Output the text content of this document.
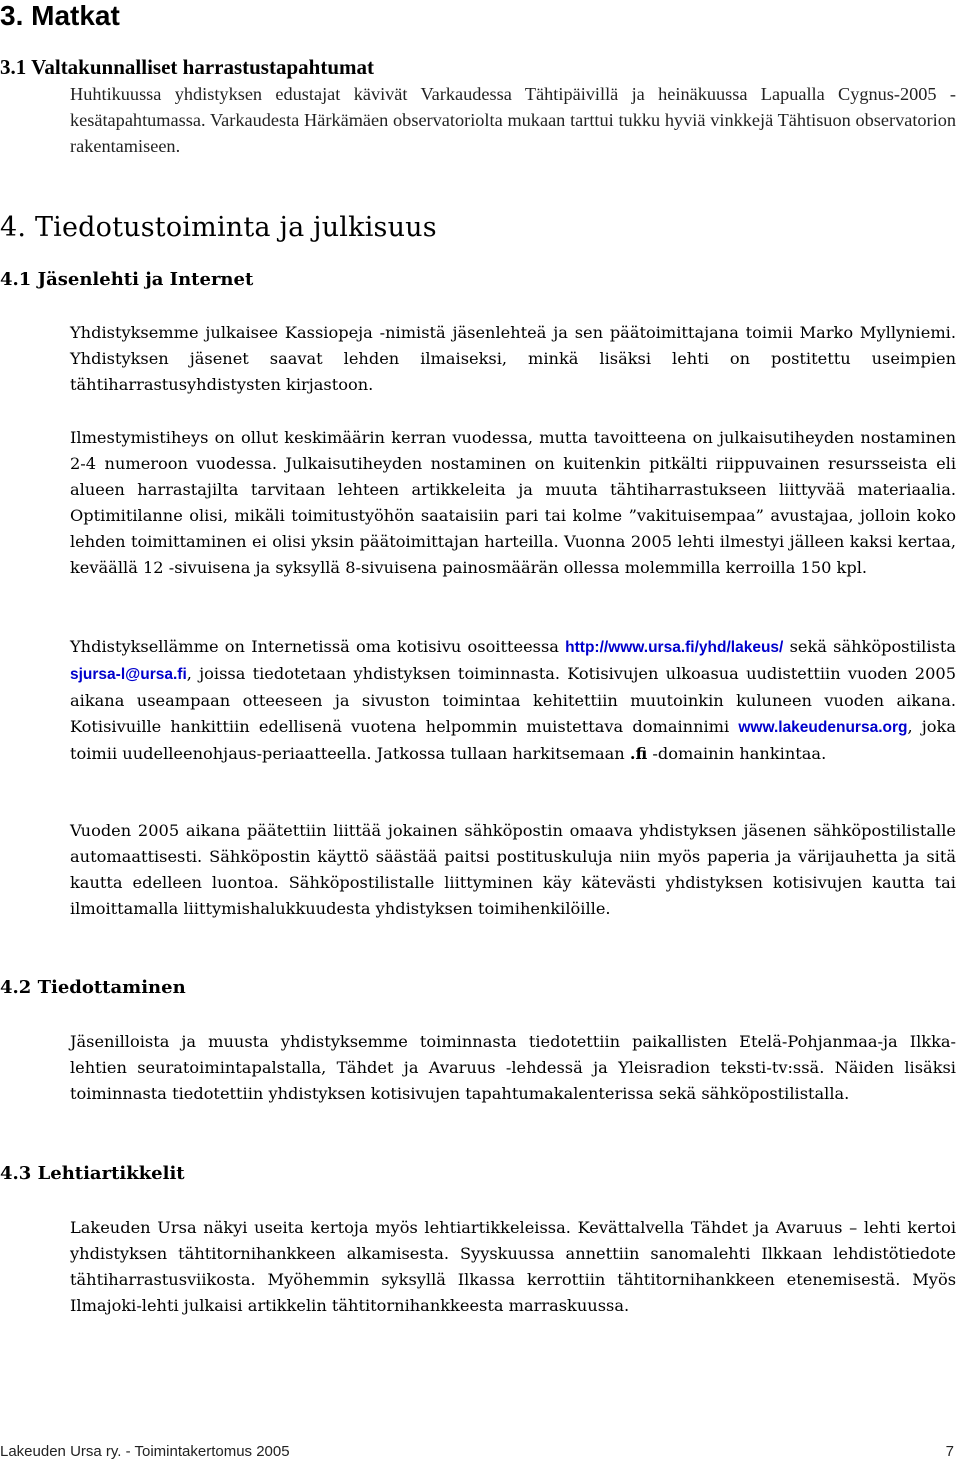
3. Matkat
3.1 Valtakunnalliset harrastustapahtumat

Huhtikuussa yhdistyksen edustajat kävivät Varkaudessa Tähtipäivillä ja heinäkuussa Lapualla Cygnus-2005 -kesätapahtumassa. Varkaudesta Härkämäen observatoriolta mukaan tarttui tukku hyviä vinkkejä Tähtisuon observatorion rakentamiseen.

4. Tiedotustoiminta ja julkisuus
4.1 Jäsenlehti ja Internet

Yhdistyksemme julkaisee Kassiopeja -nimistä jäsenlehteä ja sen päätoimittajana toimii Marko Myllyniemi. Yhdistyksen jäsenet saavat lehden ilmaiseksi, minkä lisäksi lehti on postitettu useimpien tähtiharrastusyhdistysten kirjastoon.

Ilmestymistiheys on ollut keskimäärin kerran vuodessa, mutta tavoitteena on julkaisutiheyden nostaminen 2-4 numeroon vuodessa. Julkaisutiheyden nostaminen on kuitenkin pitkälti riippuvainen resursseista eli alueen harrastajilta tarvitaan lehteen artikkeleita ja muuta tähtiharrastukseen liittyvää materiaalia. Optimitilanne olisi, mikäli toimitustyöhön saataisiin pari tai kolme ”vakituisempaa” avustajaa, jolloin koko lehden toimittaminen ei olisi yksin päätoimittajan harteilla. Vuonna 2005 lehti ilmestyi jälleen kaksi kertaa, keväällä 12 -sivuisena ja syksyllä 8-sivuisena painosmäärän ollessa molemmilla kerroilla 150 kpl.

Yhdistyksellämme on Internetissä oma kotisivu osoitteessa http://www.ursa.fi/yhd/lakeus/ sekä sähköpostilista sjursa-l@ursa.fi, joissa tiedotetaan yhdistyksen toiminnasta. Kotisivujen ulkoasua uudistettiin vuoden 2005 aikana useampaan otteeseen ja sivuston toimintaa kehitettiin muutoinkin kuluneen vuoden aikana. Kotisivuille hankittiin edellisenä vuotena helpommin muistettava domainnimi www.lakeudenursa.org, joka toimii uudelleenohjaus-periaatteella. Jatkossa tullaan harkitsemaan .fi -domainin hankintaa.

Vuoden 2005 aikana päätettiin liittää jokainen sähköpostin omaava yhdistyksen jäsenen sähköpostilistalle automaattisesti. Sähköpostin käyttö säästää paitsi postituskuluja niin myös paperia ja värijauhetta ja sitä kautta edelleen luontoa. Sähköpostilistalle liittyminen käy kätevästi yhdistyksen kotisivujen kautta tai ilmoittamalla liittymishalukkuudesta yhdistyksen toimihenkilöille.

4.2 Tiedottaminen

Jäsenilloista ja muusta yhdistyksemme toiminnasta tiedotettiin paikallisten Etelä-Pohjanmaa-ja Ilkka-lehtien seuratoimintapalstalla, Tähdet ja Avaruus -lehdessä ja Yleisradion teksti-tv:ssä. Näiden lisäksi toiminnasta tiedotettiin yhdistyksen kotisivujen tapahtumakalenterissa sekä sähköpostilistalla.

4.3 Lehtiartikkelit

Lakeuden Ursa näkyi useita kertoja myös lehtiartikkeleissa. Kevättalvella Tähdet ja Avaruus – lehti kertoi yhdistyksen tähtitornihankkeen alkamisesta. Syyskuussa annettiin sanomalehti Ilkkaan lehdistötiedote tähtiharrastusviikosta. Myöhemmin syksyllä Ilkassa kerrottiin tähtitornihankkeen etenemisestä. Myös Ilmajoki-lehti julkaisi artikkelin tähtitornihankkeesta marraskuussa.

Lakeuden Ursa ry. - Toimintakertomus 2005	7
